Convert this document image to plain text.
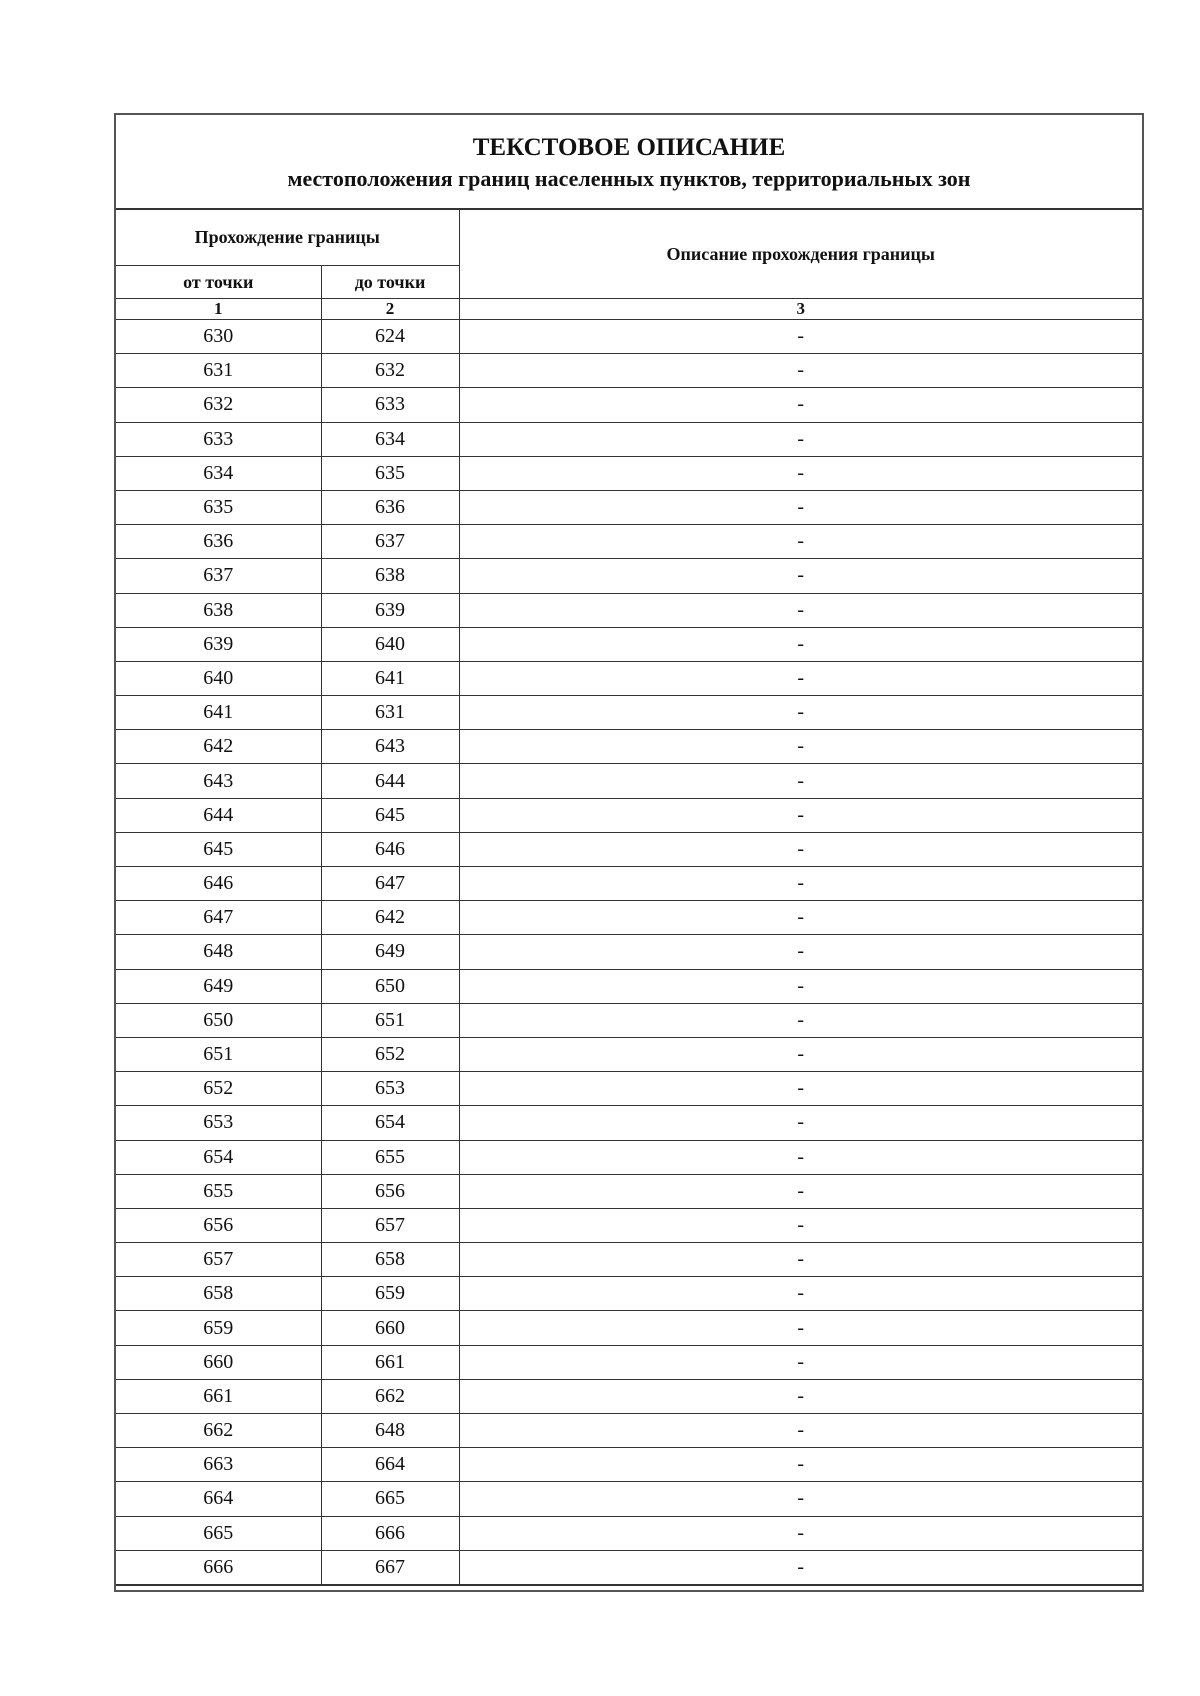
ТЕКСТОВОЕ ОПИСАНИЕ
местоположения границ населенных пунктов, территориальных зон
Прохождение границы		Описание прохождения границы
от точки	до точки	
1	2	3
630	624	-
631	632	-
632	633	-
633	634	-
634	635	-
635	636	-
636	637	-
637	638	-
638	639	-
639	640	-
640	641	-
641	631	-
642	643	-
643	644	-
644	645	-
645	646	-
646	647	-
647	642	-
648	649	-
649	650	-
650	651	-
651	652	-
652	653	-
653	654	-
654	655	-
655	656	-
656	657	-
657	658	-
658	659	-
659	660	-
660	661	-
661	662	-
662	648	-
663	664	-
664	665	-
665	666	-
666	667	-
